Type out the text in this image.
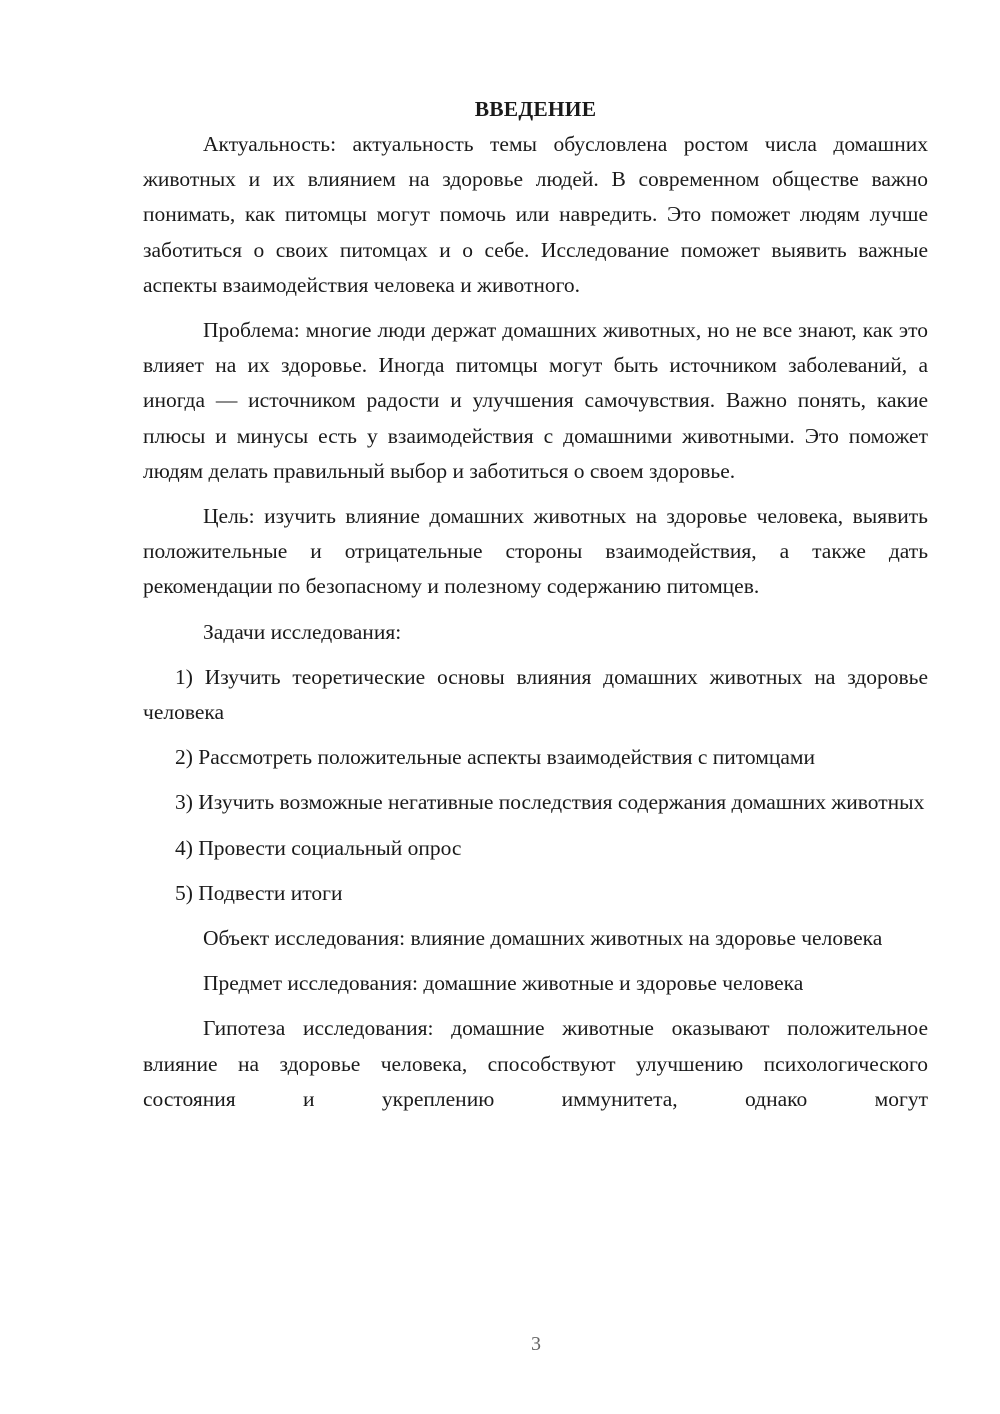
ВВЕДЕНИЕ

Актуальность: актуальность темы обусловлена ростом числа домашних животных и их влиянием на здоровье людей. В современном обществе важно понимать, как питомцы могут помочь или навредить. Это поможет людям лучше заботиться о своих питомцах и о себе. Исследование поможет выявить важные аспекты взаимодействия человека и животного.

Проблема: многие люди держат домашних животных, но не все знают, как это влияет на их здоровье. Иногда питомцы могут быть источником заболеваний, а иногда — источником радости и улучшения самочувствия. Важно понять, какие плюсы и минусы есть у взаимодействия с домашними животными. Это поможет людям делать правильный выбор и заботиться о своем здоровье.

Цель: изучить влияние домашних животных на здоровье человека, выявить положительные и отрицательные стороны взаимодействия, а также дать рекомендации по безопасному и полезному содержанию питомцев.

Задачи исследования:

1) Изучить теоретические основы влияния домашних животных на здоровье человека

2) Рассмотреть положительные аспекты взаимодействия с питомцами

3) Изучить возможные негативные последствия содержания домашних животных

4) Провести социальный опрос

5) Подвести итоги

Объект исследования: влияние домашних животных на здоровье человека

Предмет исследования: домашние животные и здоровье человека

Гипотеза исследования: домашние животные оказывают положительное влияние на здоровье человека, способствуют улучшению психологического состояния и укреплению иммунитета, однако могут

3
